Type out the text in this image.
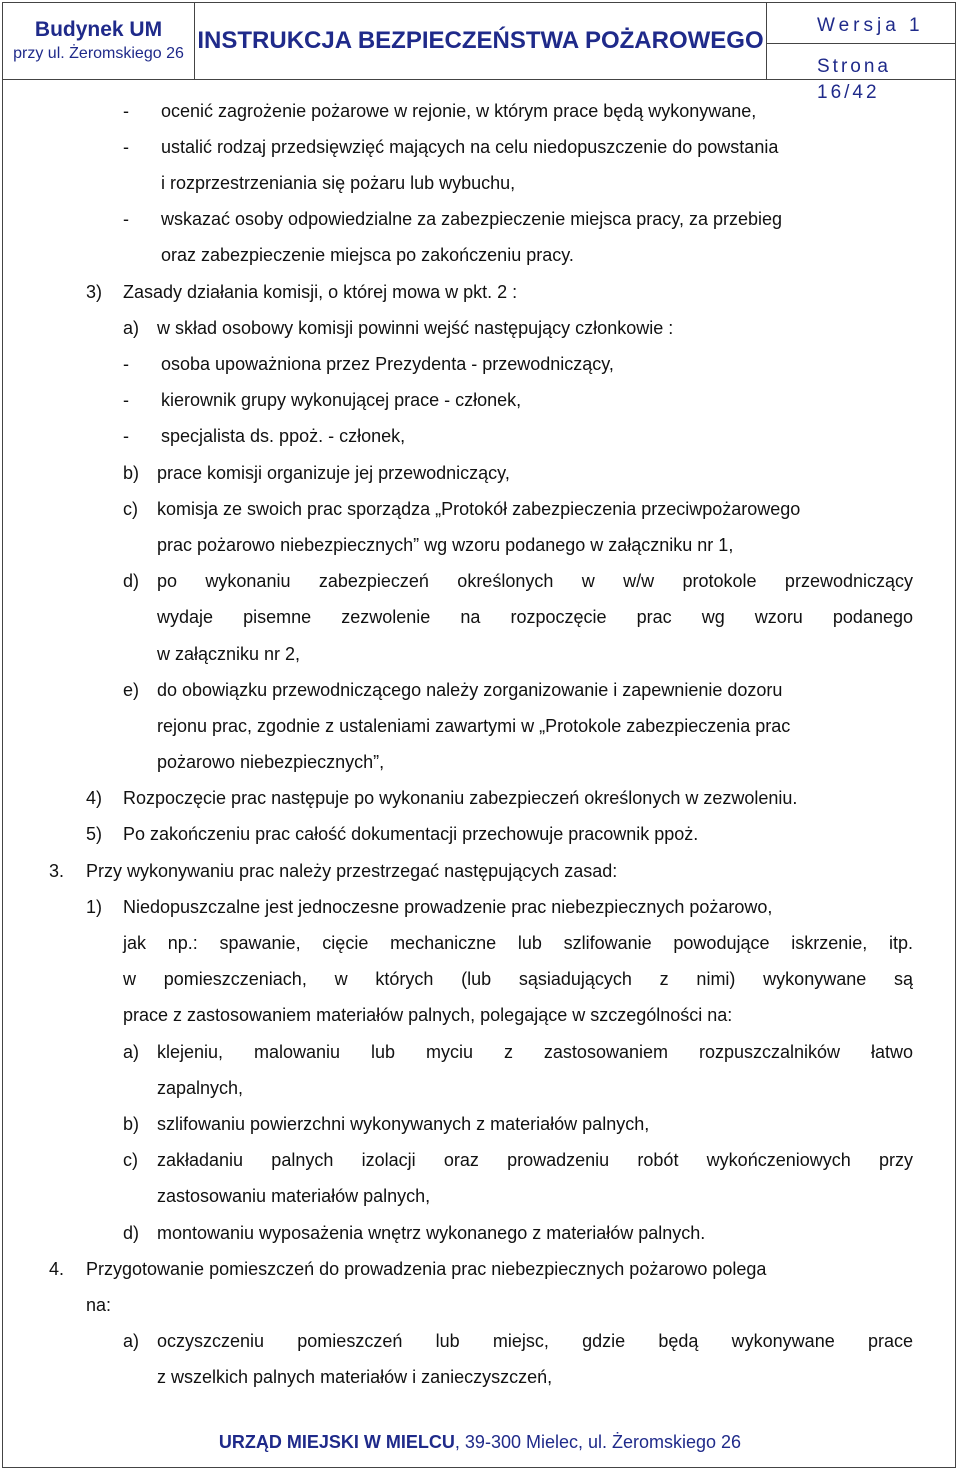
Budynek UM
przy ul. Żeromskiego 26 INSTRUKCJA BEZPIECZEŃSTWA POŻAROWEGO
Wersja 1
Strona 16/42
- ocenić zagrożenie pożarowe w rejonie, w którym prace będą wykonywane,
- ustalić rodzaj przedsięwzięć mających na celu niedopuszczenie do powstania
i rozprzestrzeniania się pożaru lub wybuchu,
- wskazać osoby odpowiedzialne za zabezpieczenie miejsca pracy, za przebieg
oraz zabezpieczenie miejsca po zakończeniu pracy.
3) Zasady działania komisji, o której mowa w pkt. 2 :
a) w skład osobowy komisji powinni wejść następujący członkowie :
- osoba upoważniona przez Prezydenta - przewodniczący,
- kierownik grupy wykonującej prace - członek,
- specjalista ds. ppoż. - członek,
b) prace komisji organizuje jej przewodniczący,
c) komisja ze swoich prac sporządza „Protokół zabezpieczenia przeciwpożarowego
prac pożarowo niebezpiecznych” wg wzoru podanego w załączniku nr 1,
d) po wykonaniu zabezpieczeń określonych w w/w protokole przewodniczący
wydaje pisemne zezwolenie na rozpoczęcie prac wg wzoru podanego
w załączniku nr 2,
e) do obowiązku przewodniczącego należy zorganizowanie i zapewnienie dozoru
rejonu prac, zgodnie z ustaleniami zawartymi w „Protokole zabezpieczenia prac
pożarowo niebezpiecznych”,
4) Rozpoczęcie prac następuje po wykonaniu zabezpieczeń określonych w zezwoleniu.
5) Po zakończeniu prac całość dokumentacji przechowuje pracownik ppoż.
3. Przy wykonywaniu prac należy przestrzegać następujących zasad:
1) Niedopuszczalne jest jednoczesne prowadzenie prac niebezpiecznych pożarowo,
jak np.: spawanie, cięcie mechaniczne lub szlifowanie powodujące iskrzenie, itp.
w pomieszczeniach, w których (lub sąsiadujących z nimi) wykonywane są
prace z zastosowaniem materiałów palnych, polegające w szczególności na:
a) klejeniu, malowaniu lub myciu z zastosowaniem rozpuszczalników łatwo
zapalnych,
b) szlifowaniu powierzchni wykonywanych z materiałów palnych,
c) zakładaniu palnych izolacji oraz prowadzeniu robót wykończeniowych przy
zastosowaniu materiałów palnych,
d) montowaniu wyposażenia wnętrz wykonanego z materiałów palnych.
4. Przygotowanie pomieszczeń do prowadzenia prac niebezpiecznych pożarowo polega
na:
a) oczyszczeniu pomieszczeń lub miejsc, gdzie będą wykonywane prace
z wszelkich palnych materiałów i zanieczyszczeń,
URZĄD MIEJSKI W MIELCU, 39-300 Mielec, ul. Żeromskiego 26
